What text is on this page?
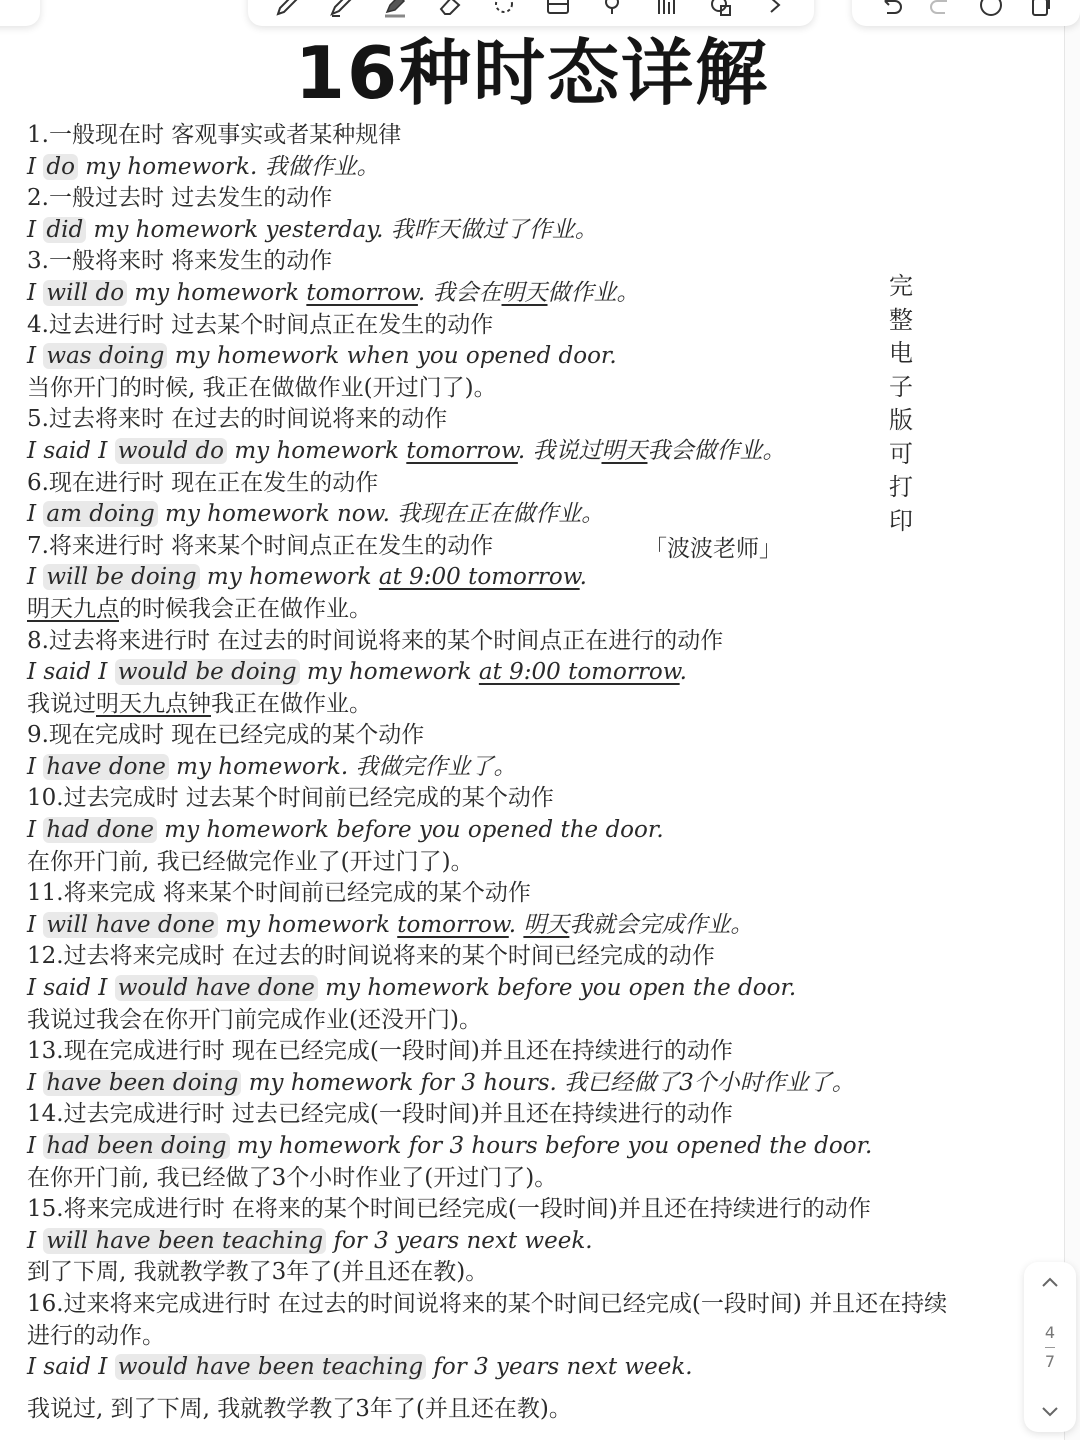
16种时态详解
1.一般现在时 客观事实或者某种规律
I do my homework. 我做作业。
2.一般过去时 过去发生的动作
I did my homework yesterday. 我昨天做过了作业。
3.一般将来时 将来发生的动作
I will do my homework tomorrow. 我会在明天做作业。
4.过去进行时 过去某个时间点正在发生的动作
I was doing my homework when you opened door.
当你开门的时候, 我正在做做作业(开过门了)。
5.过去将来时 在过去的时间说将来的动作
I said I would do my homework tomorrow. 我说过明天我会做作业。
6.现在进行时 现在正在发生的动作
I am doing my homework now. 我现在正在做作业。
7.将来进行时 将来某个时间点正在发生的动作
I will be doing my homework at 9:00 tomorrow.
明天九点的时候我会正在做作业。
8.过去将来进行时 在过去的时间说将来的某个时间点正在进行的动作
I said I would be doing my homework at 9:00 tomorrow.
我说过明天九点钟我正在做作业。
9.现在完成时 现在已经完成的某个动作
I have done my homework. 我做完作业了。
10.过去完成时 过去某个时间前已经完成的某个动作
I had done my homework before you opened the door.
在你开门前, 我已经做完作业了(开过门了)。
11.将来完成 将来某个时间前已经完成的某个动作
I will have done my homework tomorrow. 明天我就会完成作业。
12.过去将来完成时 在过去的时间说将来的某个时间已经完成的动作
I said I would have done my homework before you open the door.
我说过我会在你开门前完成作业(还没开门)。
13.现在完成进行时 现在已经完成(一段时间)并且还在持续进行的动作
I have been doing my homework for 3 hours. 我已经做了3个小时作业了。
14.过去完成进行时 过去已经完成(一段时间)并且还在持续进行的动作
I had been doing my homework for 3 hours before you opened the door.
在你开门前, 我已经做了3个小时作业了(开过门了)。
15.将来完成进行时 在将来的某个时间已经完成(一段时间)并且还在持续进行的动作
I will have been teaching for 3 years next week.
到了下周, 我就教学教了3年了(并且还在教)。
16.过来将来完成进行时 在过去的时间说将来的某个时间已经完成(一段时间) 并且还在持续
进行的动作。
I said I would have been teaching for 3 years next week.
我说过, 到了下周, 我就教学教了3年了(并且还在教)。
完
整
电
子
版
可
打
印
「波波老师」
4
7
